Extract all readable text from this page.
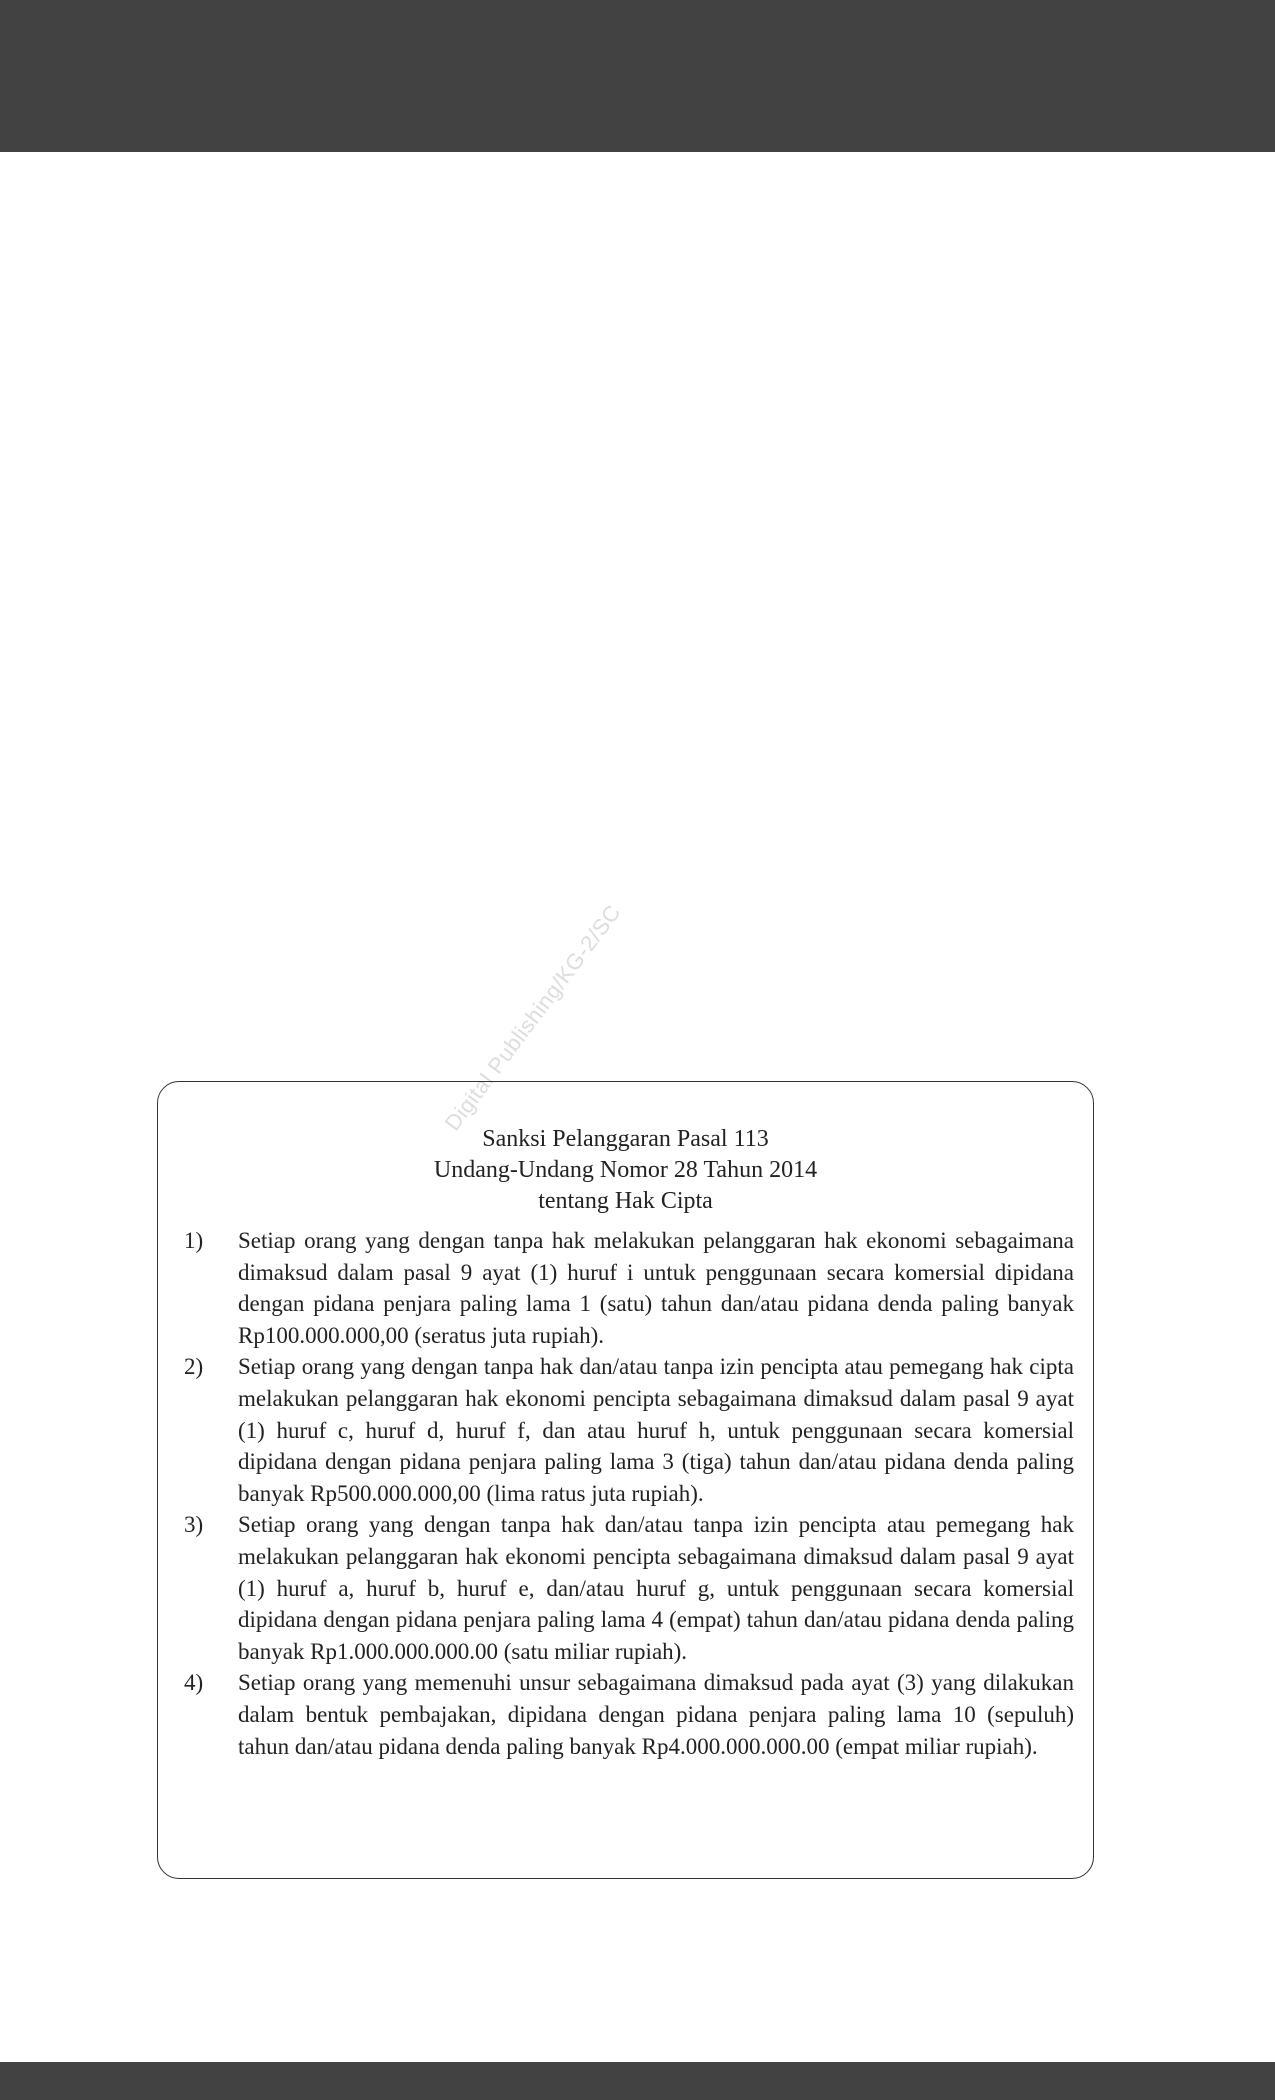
Digital Publishing/KG-2/SC
Sanksi Pelanggaran Pasal 113
Undang-Undang Nomor 28 Tahun 2014
tentang Hak Cipta
1) Setiap orang yang dengan tanpa hak melakukan pelanggaran hak ekonomi sebagaimana dimaksud dalam pasal 9 ayat (1) huruf i untuk penggunaan secara komersial dipidana dengan pidana penjara paling lama 1 (satu) tahun dan/atau pidana denda paling banyak Rp100.000.000,00 (seratus juta rupiah).
2) Setiap orang yang dengan tanpa hak dan/atau tanpa izin pencipta atau pemegang hak cipta melakukan pelanggaran hak ekonomi pencipta sebagaimana dimaksud dalam pasal 9 ayat (1) huruf c, huruf d, huruf f, dan atau huruf h, untuk penggunaan secara komersial dipidana dengan pidana penjara paling lama 3 (tiga) tahun dan/atau pidana denda paling banyak Rp500.000.000,00 (lima ratus juta rupiah).
3) Setiap orang yang dengan tanpa hak dan/atau tanpa izin pencipta atau pemegang hak melakukan pelanggaran hak ekonomi pencipta sebagaimana dimaksud dalam pasal 9 ayat (1) huruf a, huruf b, huruf e, dan/atau huruf g, untuk penggunaan secara komersial dipidana dengan pidana penjara paling lama 4 (empat) tahun dan/atau pidana denda paling banyak Rp1.000.000.000.00 (satu miliar rupiah).
4) Setiap orang yang memenuhi unsur sebagaimana dimaksud pada ayat (3) yang dilakukan dalam bentuk pembajakan, dipidana dengan pidana penjara paling lama 10 (sepuluh) tahun dan/atau pidana denda paling banyak Rp4.000.000.000.00 (empat miliar rupiah).
